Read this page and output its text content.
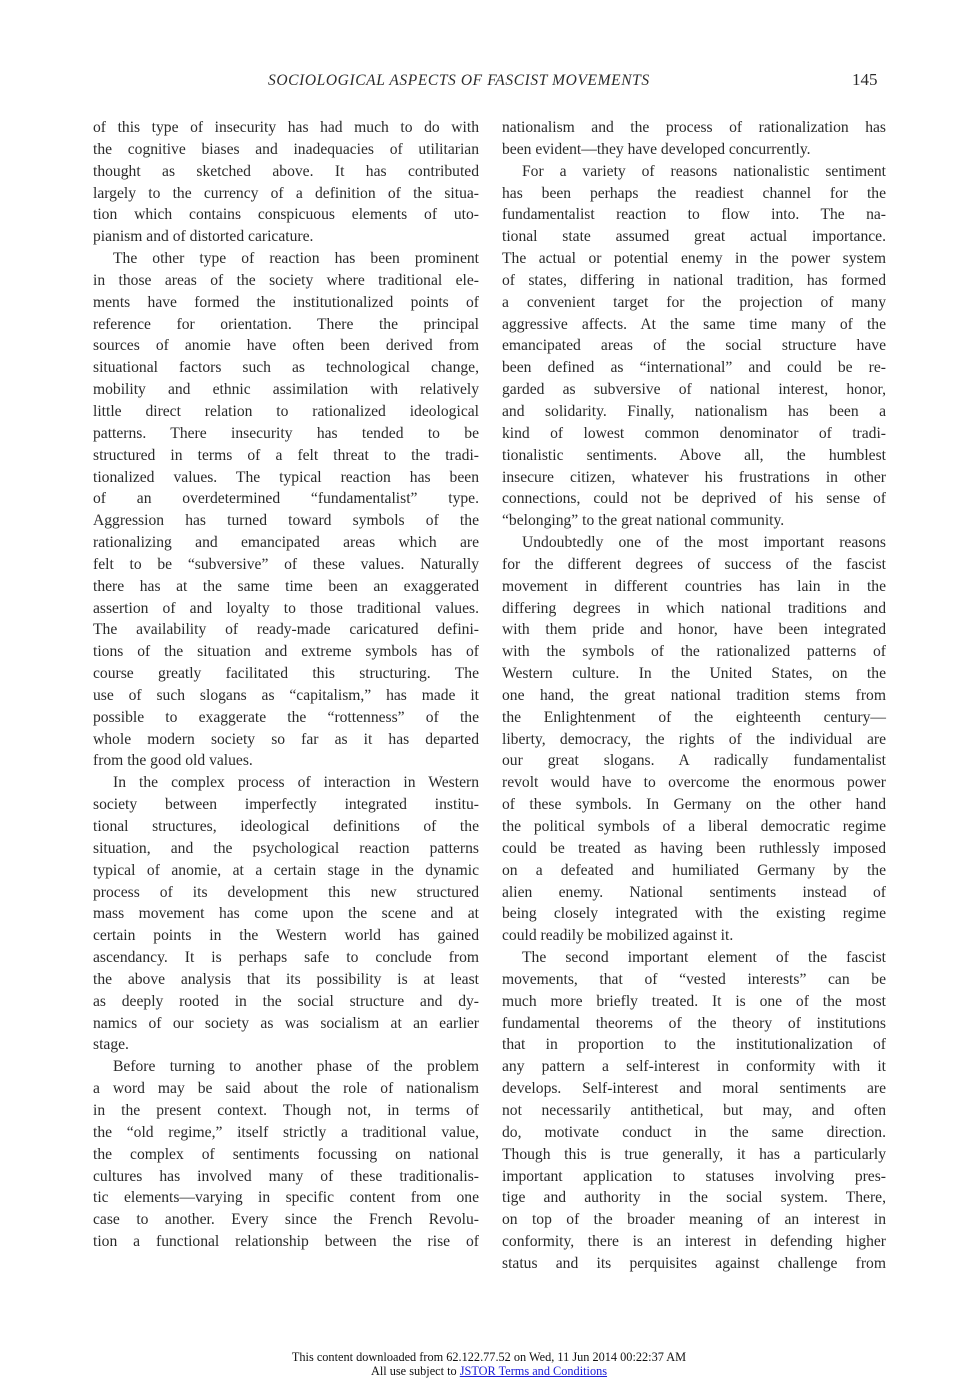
SOCIOLOGICAL ASPECTS OF FASCIST MOVEMENTS	145
of this type of insecurity has had much to do with
the cognitive biases and inadequacies of utilitarian
thought as sketched above. It has contributed
largely to the currency of a definition of the situa-
tion which contains conspicuous elements of uto-
pianism and of distorted caricature.
The other type of reaction has been prominent
in those areas of the society where traditional ele-
ments have formed the institutionalized points of
reference for orientation. There the principal
sources of anomie have often been derived from
situational factors such as technological change,
mobility and ethnic assimilation with relatively
little direct relation to rationalized ideological
patterns. There insecurity has tended to be
structured in terms of a felt threat to the tradi-
tionalized values. The typical reaction has been
of an overdetermined “fundamentalist” type.
Aggression has turned toward symbols of the
rationalizing and emancipated areas which are
felt to be “subversive” of these values. Naturally
there has at the same time been an exaggerated
assertion of and loyalty to those traditional values.
The availability of ready-made caricatured defini-
tions of the situation and extreme symbols has of
course greatly facilitated this structuring. The
use of such slogans as “capitalism,” has made it
possible to exaggerate the “rottenness” of the
whole modern society so far as it has departed
from the good old values.
In the complex process of interaction in Western
society between imperfectly integrated institu-
tional structures, ideological definitions of the
situation, and the psychological reaction patterns
typical of anomie, at a certain stage in the dynamic
process of its development this new structured
mass movement has come upon the scene and at
certain points in the Western world has gained
ascendancy. It is perhaps safe to conclude from
the above analysis that its possibility is at least
as deeply rooted in the social structure and dy-
namics of our society as was socialism at an earlier
stage.
Before turning to another phase of the problem
a word may be said about the role of nationalism
in the present context. Though not, in terms of
the “old regime,” itself strictly a traditional value,
the complex of sentiments focussing on national
cultures has involved many of these traditionalis-
tic elements—varying in specific content from one
case to another. Every since the French Revolu-
tion a functional relationship between the rise of
nationalism and the process of rationalization has
been evident—they have developed concurrently.
For a variety of reasons nationalistic sentiment
has been perhaps the readiest channel for the
fundamentalist reaction to flow into. The na-
tional state assumed great actual importance.
The actual or potential enemy in the power system
of states, differing in national tradition, has formed
a convenient target for the projection of many
aggressive affects. At the same time many of the
emancipated areas of the social structure have
been defined as “international” and could be re-
garded as subversive of national interest, honor,
and solidarity. Finally, nationalism has been a
kind of lowest common denominator of tradi-
tionalistic sentiments. Above all, the humblest
insecure citizen, whatever his frustrations in other
connections, could not be deprived of his sense of
“belonging” to the great national community.
Undoubtedly one of the most important reasons
for the different degrees of success of the fascist
movement in different countries has lain in the
differing degrees in which national traditions and
with them pride and honor, have been integrated
with the symbols of the rationalized patterns of
Western culture. In the United States, on the
one hand, the great national tradition stems from
the Enlightenment of the eighteenth century—
liberty, democracy, the rights of the individual are
our great slogans. A radically fundamentalist
revolt would have to overcome the enormous power
of these symbols. In Germany on the other hand
the political symbols of a liberal democratic regime
could be treated as having been ruthlessly imposed
on a defeated and humiliated Germany by the
alien enemy. National sentiments instead of
being closely integrated with the existing regime
could readily be mobilized against it.
The second important element of the fascist
movements, that of “vested interests” can be
much more briefly treated. It is one of the most
fundamental theorems of the theory of institutions
that in proportion to the institutionalization of
any pattern a self-interest in conformity with it
develops. Self-interest and moral sentiments are
not necessarily antithetical, but may, and often
do, motivate conduct in the same direction.
Though this is true generally, it has a particularly
important application to statuses involving pres-
tige and authority in the social system. There,
on top of the broader meaning of an interest in
conformity, there is an interest in defending higher
status and its perquisites against challenge from
This content downloaded from 62.122.77.52 on Wed, 11 Jun 2014 00:22:37 AM
All use subject to JSTOR Terms and Conditions
